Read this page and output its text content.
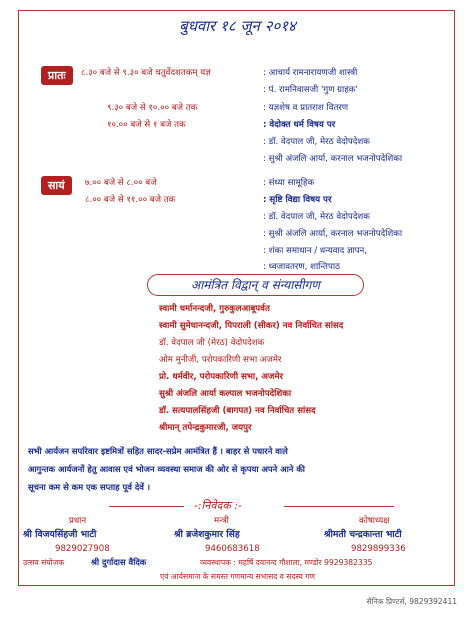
बुधवार १८ जून २०१४
प्रातः	८.३० बजे से ९.३० बजे चतुर्वेदशतकम् यज्ञ	: आचार्य रामनारायणजी शास्त्री
: पं. रामनिवासजी 'गुण ग्राहक'
९.३० बजे से १०.०० बजे तक	: यज्ञशेष व प्रातराश वितरण
१०.०० बजे से १ बजे तक	: वेदोक्त धर्म विषय पर
: डॉ. वेदपाल जी, मेरठ वेदोपदेशक
: सुश्री अंजलि आर्या, करनाल भजनोपदेशिका
सायं	७.०० बजे से ८.०० बजे	: संध्या सामूहिक
८.०० बजे से ११.०० बजे तक	: सृष्टि विद्या विषय पर
: डॉ. वेदपाल जी, मेरठ वेदोपदेशक
: सुश्री अंजलि आर्या, करनाल भजनोपदेशिका
: शंका समाधान / धन्यवाद ज्ञापन,
: ध्वजावतरण, शान्तिपाठ
आमंत्रित विद्वान् व संन्यासीगण
स्वामी धर्मानन्दजी, गुरुकुलआबूपर्वत
स्वामी सुमेधानन्दजी, पिपराली (सीकर) नव निर्वाचित सांसद
डॉ. वेदपाल जी (मेरठ) वेदोपदेशक
ओम मुनीजी, परोपकारिणी सभा अजमेर
प्रो. धर्मवीर, परोपकारिणी सभा, अजमेर
सुश्री अंजलि आर्या कल्पाल भजनोपदेशिका
डॉ. सत्यपालसिंहजी (बागपत) नव निर्वाचित सांसद
श्रीमान् तपेन्द्रकुमारजी, जयपुर
सभी आर्यजन सपरिवार इष्टमित्रों सहित सादर-सप्रेम आमंत्रित हैं । बाहर से पधारने वाले
आगुन्तक आर्यजनों हेतु आवास एवं भोजन व्यवस्था समाज की ओर से कृपया अपने आने की
सूचना कम से कम एक सप्ताह पूर्व देवें ।
-:निवेदक :-
प्रधान	मन्त्री	कोषाध्यक्ष
श्री विजयसिंहजी भाटी	श्री ब्रजेशकुमार सिंह	श्रीमती चन्द्रकान्ता भाटी
9829027908	9460683618	9829899336
उत्सव संयोजक	श्री दुर्गादास वैदिक	व्यवस्थापक : महर्षि दयानन्द गौशाला, मण्डोर 9929382335
एवं आर्यसमाज के समस्त गणमान्य सभासद व सदस्य गण
सैनिक प्रिण्टर्स, 9829392411
